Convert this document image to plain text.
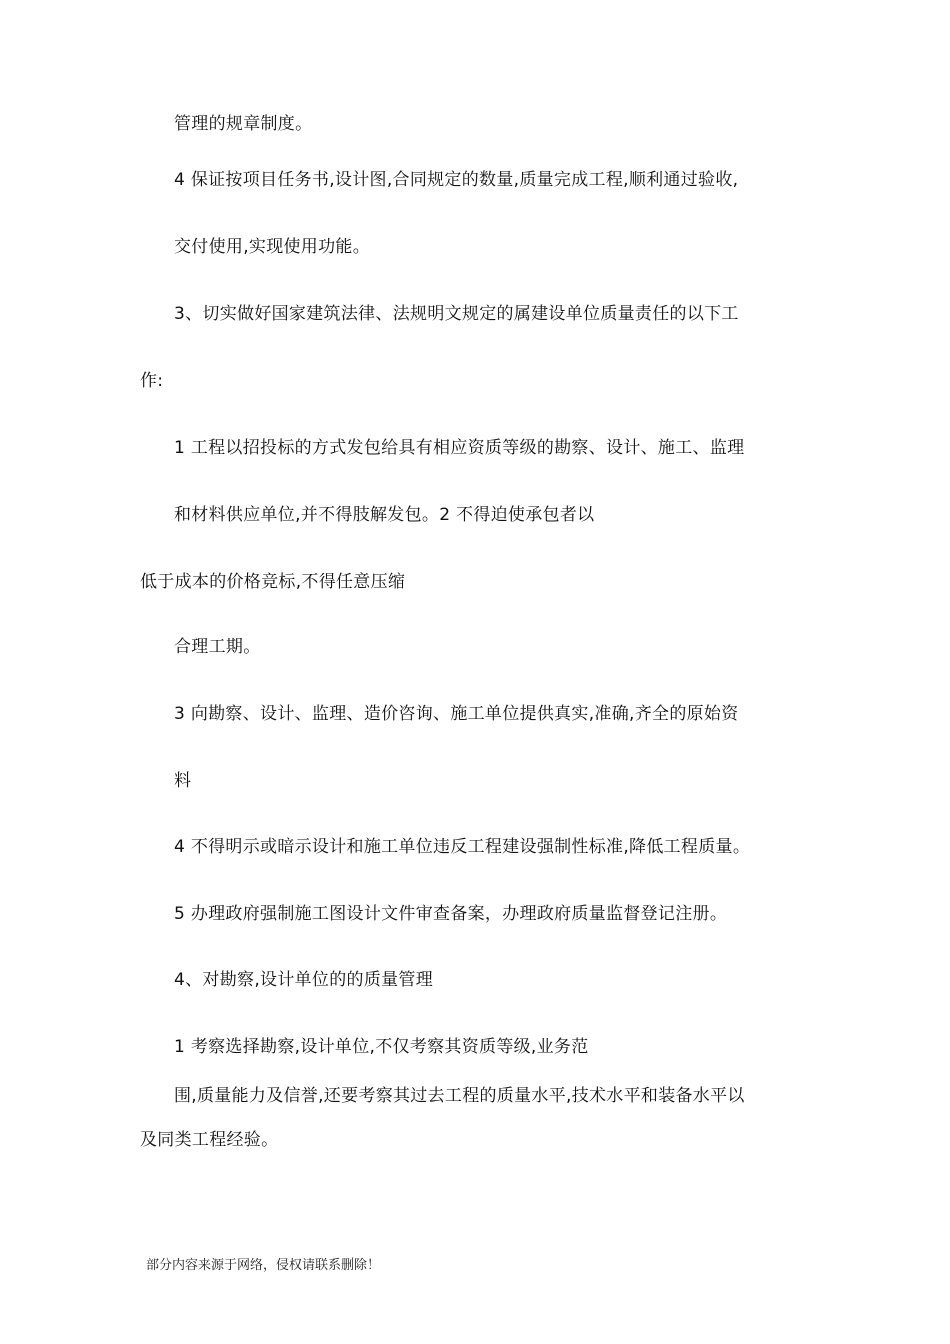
管理的规章制度。

4 保证按项目任务书,设计图,合同规定的数量,质量完成工程,顺利通过验收,

交付使用,实现使用功能。

3、切实做好国家建筑法律、法规明文规定的属建设单位质量责任的以下工

作:

1 工程以招投标的方式发包给具有相应资质等级的勘察、设计、施工、监理

和材料供应单位,并不得肢解发包。2 不得迫使承包者以

低于成本的价格竞标,不得任意压缩

合理工期。

3 向勘察、设计、监理、造价咨询、施工单位提供真实,准确,齐全的原始资

料

4 不得明示或暗示设计和施工单位违反工程建设强制性标准,降低工程质量。

5 办理政府强制施工图设计文件审查备案，办理政府质量监督登记注册。

4、对勘察,设计单位的的质量管理

1 考察选择勘察,设计单位,不仅考察其资质等级,业务范

围,质量能力及信誉,还要考察其过去工程的质量水平,技术水平和装备水平以

及同类工程经验。

部分内容来源于网络，侵权请联系删除！
